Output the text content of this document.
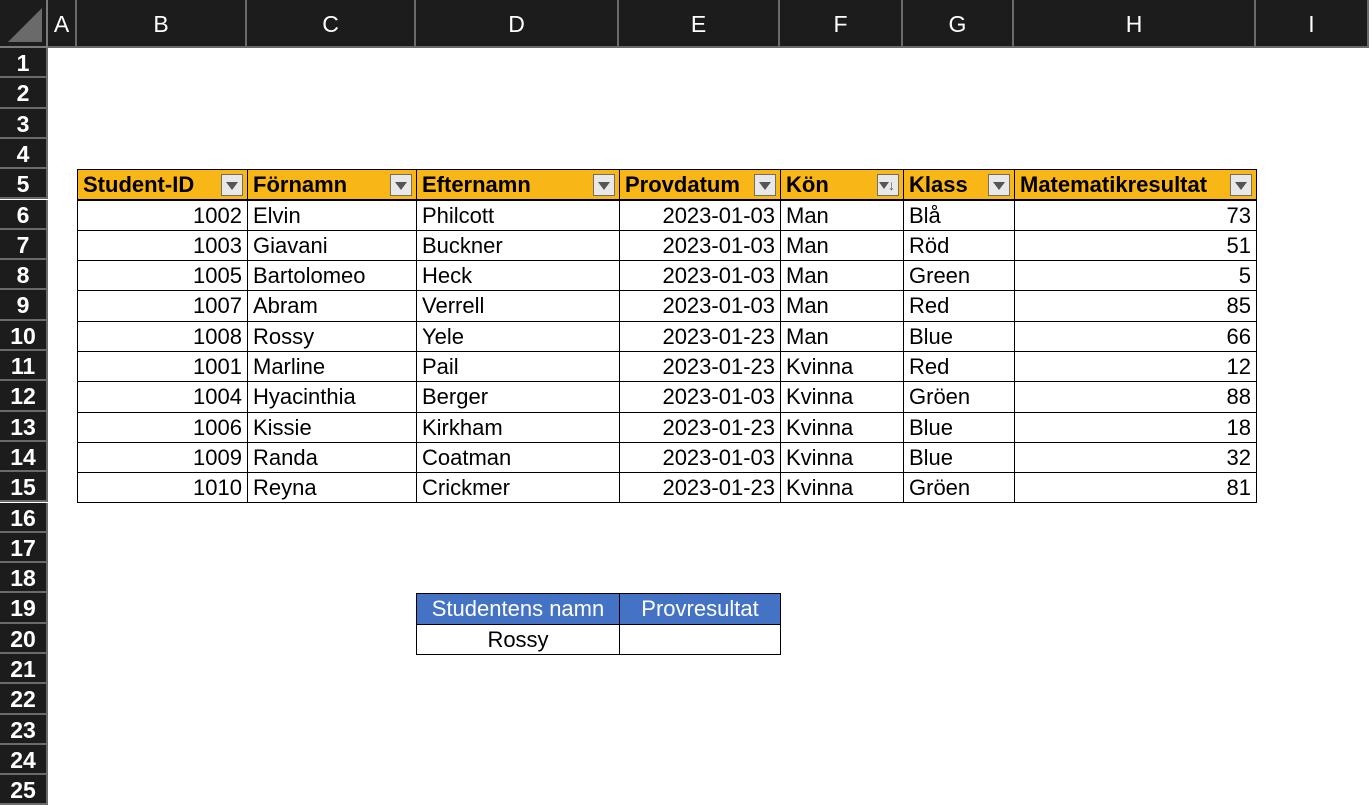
A	B	C	D	E	F	G	H	I
1
2
3
4
5
6
7
8
9
10
11
12
13
14
15
16
17
18
19
20
21
22
23
24
25
Student-ID	Förnamn	Efternamn	Provdatum	Kön	↓ Klass	Matematikresultat
1002 Elvin	Philcott	2023-01-03 Man	Blå	73
1003 Giavani	Buckner	2023-01-03 Man	Röd	51
1005 Bartolomeo	Heck	2023-01-03 Man	Green	5
1007 Abram	Verrell	2023-01-03 Man	Red	85
1008 Rossy	Yele	2023-01-23 Man	Blue	66
1001 Marline	Pail	2023-01-23 Kvinna	Red	12
1004 Hyacinthia	Berger	2023-01-03 Kvinna	Gröen	88
1006 Kissie	Kirkham	2023-01-23 Kvinna	Blue	18
1009 Randa	Coatman	2023-01-03 Kvinna	Blue	32
1010 Reyna	Crickmer	2023-01-23 Kvinna	Gröen	81
Studentens namn	Provresultat
Rossy
